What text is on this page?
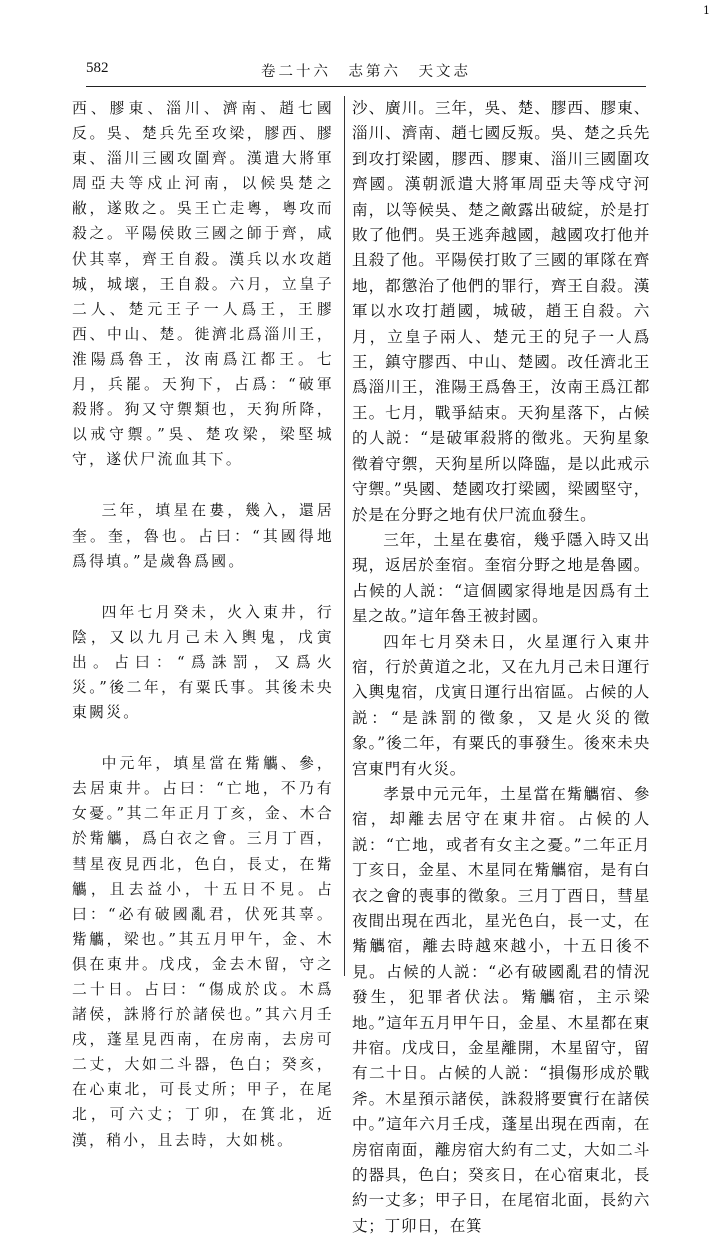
1
582	卷二十六　志第六　天文志

西、膠東、淄川、濟南、趙七國反。吳、楚兵先至攻梁，膠西、膠東、淄川三國攻圍齊。漢遣大將軍周亞夫等戍止河南，以候吳楚之敝，遂敗之。吳王亡走粵，粵攻而殺之。平陽侯敗三國之師于齊，咸伏其辜，齊王自殺。漢兵以水攻趙城，城壞，王自殺。六月，立皇子二人、楚元王子一人爲王，王膠西、中山、楚。徙濟北爲淄川王，淮陽爲魯王，汝南爲江都王。七月，兵罷。天狗下，占爲：“破軍殺將。狗又守禦類也，天狗所降，以戒守禦。”吳、楚攻梁，梁堅城守，遂伏尸流血其下。

三年，填星在婁，幾入，還居奎。奎，魯也。占曰：“其國得地爲得填。”是歲魯爲國。

四年七月癸未，火入東井，行陰，又以九月己未入輿鬼，戊寅出。占曰：“爲誅罰，又爲火災。”後二年，有粟氏事。其後未央東闕災。

中元年，填星當在觜觿、參，去居東井。占曰：“亡地，不乃有女憂。”其二年正月丁亥，金、木合於觜觿，爲白衣之會。三月丁酉，彗星夜見西北，色白，長丈，在觜觿，且去益小，十五日不見。占曰：“必有破國亂君，伏死其辜。觜觿，梁也。”其五月甲午，金、木俱在東井。戊戌，金去木留，守之二十日。占曰：“傷成於戉。木爲諸侯，誅將行於諸侯也。”其六月壬戌，蓬星見西南，在房南，去房可二丈，大如二斗器，色白；癸亥，在心東北，可長丈所；甲子，在尾北，可六丈；丁卯，在箕北，近漢，稍小，且去時，大如桃。

沙、廣川。三年，吳、楚、膠西、膠東、淄川、濟南、趙七國反叛。吳、楚之兵先到攻打梁國，膠西、膠東、淄川三國圍攻齊國。漢朝派遣大將軍周亞夫等戍守河南，以等候吳、楚之敵露出破綻，於是打敗了他們。吳王逃奔越國，越國攻打他并且殺了他。平陽侯打敗了三國的軍隊在齊地，都懲治了他們的罪行，齊王自殺。漢軍以水攻打趙國，城破，趙王自殺。六月，立皇子兩人、楚元王的兒子一人爲王，鎮守膠西、中山、楚國。改任濟北王爲淄川王，淮陽王爲魯王，汝南王爲江都王。七月，戰爭結束。天狗星落下，占候的人説：“是破軍殺將的徵兆。天狗星象徵着守禦，天狗星所以降臨，是以此戒示守禦。”吳國、楚國攻打梁國，梁國堅守，於是在分野之地有伏尸流血發生。

三年，土星在婁宿，幾乎隱入時又出現，返居於奎宿。奎宿分野之地是魯國。占候的人説：“這個國家得地是因爲有土星之故。”這年魯王被封國。

四年七月癸未日，火星運行入東井宿，行於黄道之北，又在九月己未日運行入輿鬼宿，戊寅日運行出宿區。占候的人説：“是誅罰的徵象，又是火災的徵象。”後二年，有粟氏的事發生。後來未央宫東門有火災。

孝景中元元年，土星當在觜觿宿、參宿，却離去居守在東井宿。占候的人説：“亡地，或者有女主之憂。”二年正月丁亥日，金星、木星同在觜觿宿，是有白衣之會的喪事的徵象。三月丁酉日，彗星夜間出現在西北，星光色白，長一丈，在觜觿宿，離去時越來越小，十五日後不見。占候的人説：“必有破國亂君的情況發生，犯罪者伏法。觜觿宿，主示梁地。”這年五月甲午日，金星、木星都在東井宿。戊戌日，金星離開，木星留守，留有二十日。占候的人説：“損傷形成於戰斧。木星預示諸侯，誅殺將要實行在諸侯中。”這年六月壬戌，蓬星出現在西南，在房宿南面，離房宿大約有二丈，大如二斗的器具，色白；癸亥日，在心宿東北，長約一丈多；甲子日，在尾宿北面，長約六丈；丁卯日，在箕
